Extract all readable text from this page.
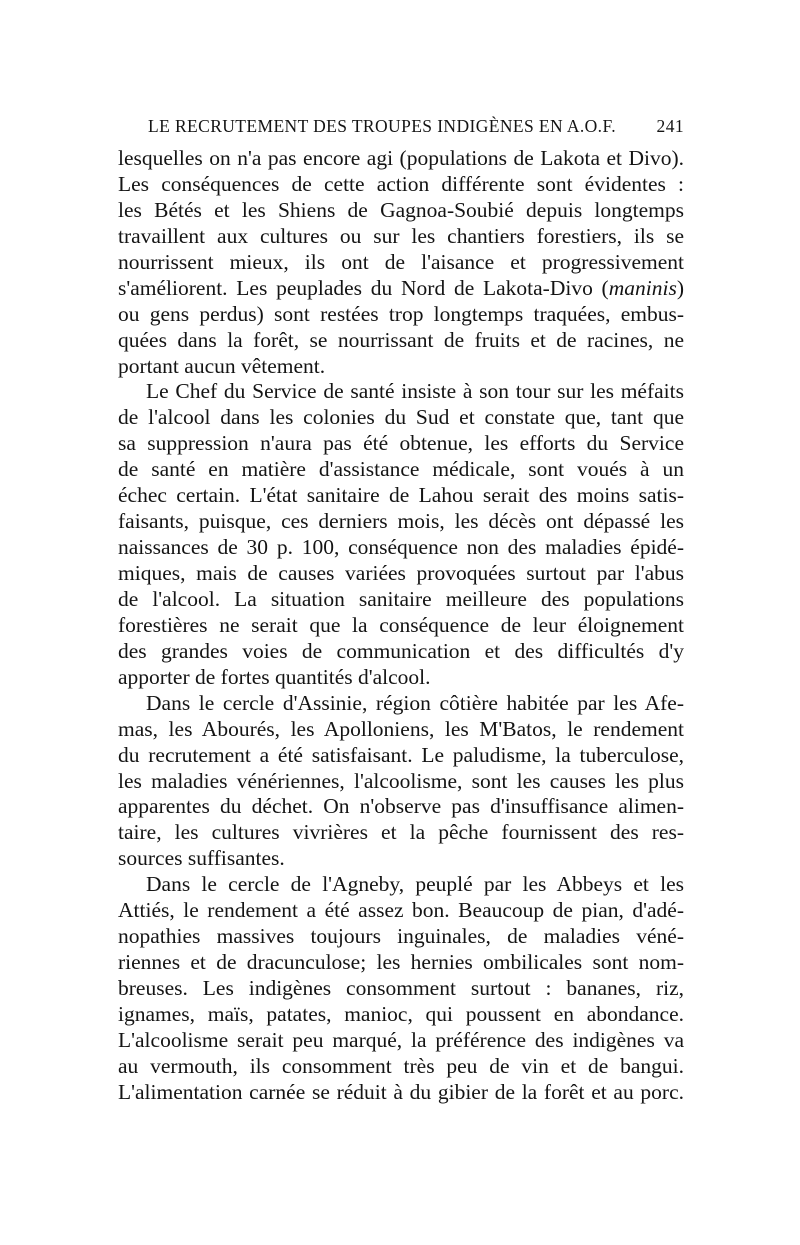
LE RECRUTEMENT DES TROUPES INDIGÈNES EN A.O.F. 241
lesquelles on n'a pas encore agi (populations de Lakota et Divo).
Les conséquences de cette action différente sont évidentes :
les Bétés et les Shiens de Gagnoa-Soubié depuis longtemps
travaillent aux cultures ou sur les chantiers forestiers, ils se
nourrissent mieux, ils ont de l'aisance et progressivement
s'améliorent. Les peuplades du Nord de Lakota-Divo (maninis)
ou gens perdus) sont restées trop longtemps traquées, embus-
quées dans la forêt, se nourrissant de fruits et de racines, ne
portant aucun vêtement.
Le Chef du Service de santé insiste à son tour sur les méfaits
de l'alcool dans les colonies du Sud et constate que, tant que
sa suppression n'aura pas été obtenue, les efforts du Service
de santé en matière d'assistance médicale, sont voués à un
échec certain. L'état sanitaire de Lahou serait des moins satis-
faisants, puisque, ces derniers mois, les décès ont dépassé les
naissances de 30 p. 100, conséquence non des maladies épidé-
miques, mais de causes variées provoquées surtout par l'abus
de l'alcool. La situation sanitaire meilleure des populations
forestières ne serait que la conséquence de leur éloignement
des grandes voies de communication et des difficultés d'y
apporter de fortes quantités d'alcool.
Dans le cercle d'Assinie, région côtière habitée par les Afe-
mas, les Abourés, les Apolloniens, les M'Batos, le rendement
du recrutement a été satisfaisant. Le paludisme, la tuberculose,
les maladies vénériennes, l'alcoolisme, sont les causes les plus
apparentes du déchet. On n'observe pas d'insuffisance alimen-
taire, les cultures vivrières et la pêche fournissent des res-
sources suffisantes.
Dans le cercle de l'Agneby, peuplé par les Abbeys et les
Attiés, le rendement a été assez bon. Beaucoup de pian, d'adé-
nopathies massives toujours inguinales, de maladies véné-
riennes et de dracunculose; les hernies ombilicales sont nom-
breuses. Les indigènes consomment surtout : bananes, riz,
ignames, maïs, patates, manioc, qui poussent en abondance.
L'alcoolisme serait peu marqué, la préférence des indigènes va
au vermouth, ils consomment très peu de vin et de bangui.
L'alimentation carnée se réduit à du gibier de la forêt et au porc.
